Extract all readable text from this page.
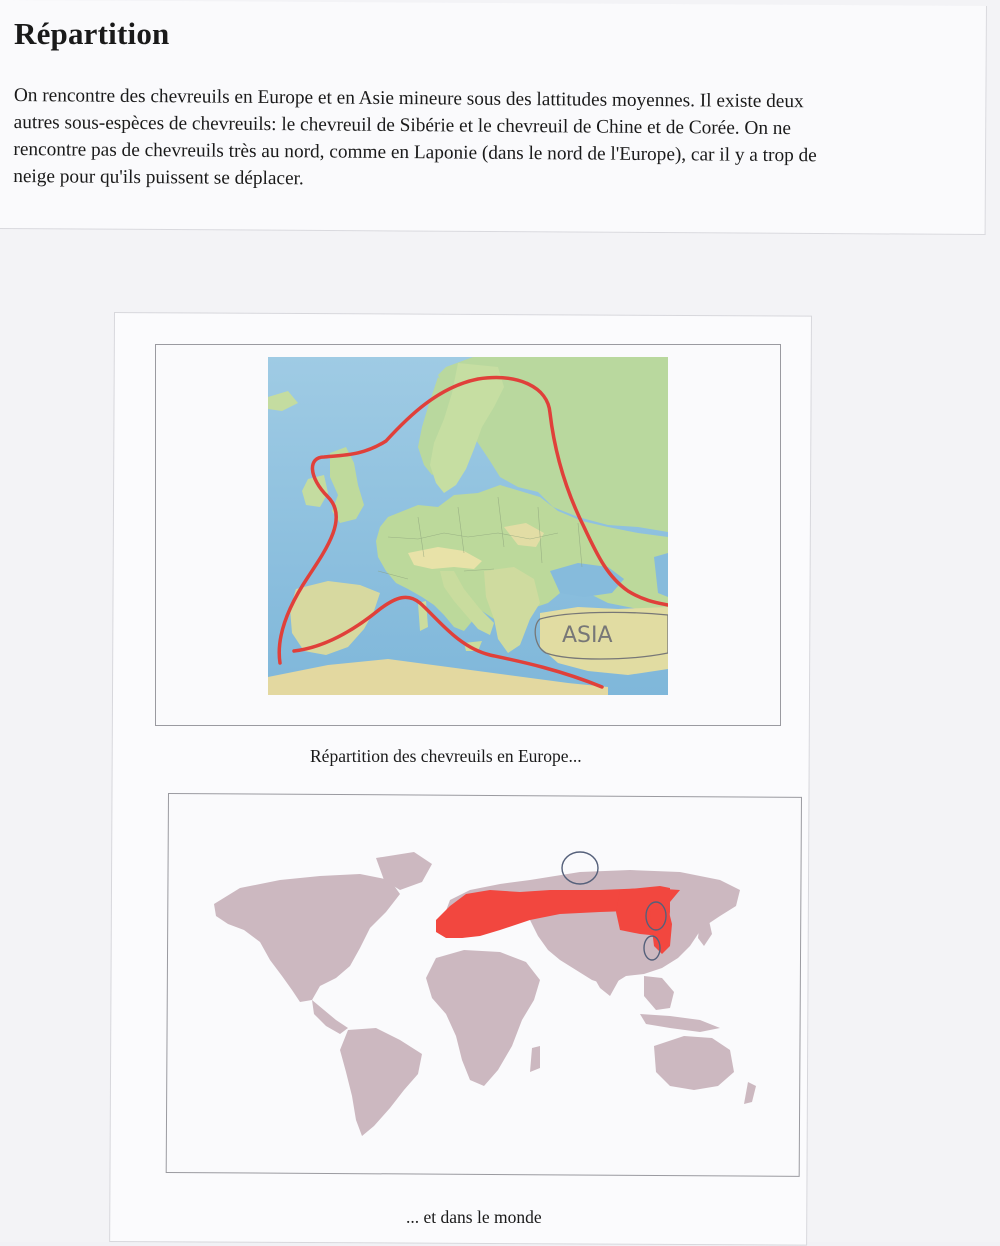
Répartition

On rencontre des chevreuils en Europe et en Asie mineure sous des lattitudes moyennes. Il existe deux
autres sous-espèces de chevreuils: le chevreuil de Sibérie et le chevreuil de Chine et de Corée. On ne
rencontre pas de chevreuils très au nord, comme en Laponie (dans le nord de l'Europe), car il y a trop de
neige pour qu'ils puissent se déplacer.

ASIA
Répartition des chevreuils en Europe...
... et dans le monde
